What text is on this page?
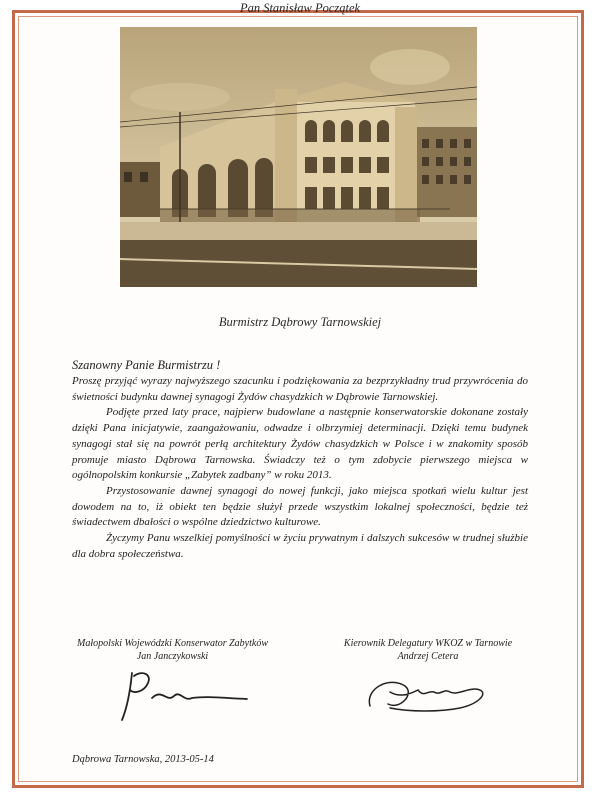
Pan Stanisław Początek
Burmistrz Dąbrowy Tarnowskiej
Szanowny Panie Burmistrzu !

Proszę przyjąć wyrazy najwyższego szacunku i podziękowania za bezprzykładny trud przywrócenia do świetności budynku dawnej synagogi Żydów chasydzkich w Dąbrowie Tarnowskiej.

Podjęte przed laty prace, najpierw budowlane a następnie konserwatorskie dokonane zostały dzięki Pana inicjatywie, zaangażowaniu, odwadze i olbrzymiej determinacji. Dzięki temu budynek synagogi stał się na powrót perłą architektury Żydów chasydzkich w Polsce i w znakomity sposób promuje miasto Dąbrowa Tarnowska. Świadczy też o tym zdobycie pierwszego miejsca w ogólnopolskim konkursie „Zabytek zadbany” w roku 2013.

Przystosowanie dawnej synagogi do nowej funkcji, jako miejsca spotkań wielu kultur jest dowodem na to, iż obiekt ten będzie służył przede wszystkim lokalnej społeczności, będzie też świadectwem dbałości o wspólne dziedzictwo kulturowe.

Życzymy Panu wszelkiej pomyślności w życiu prywatnym i dalszych sukcesów w trudnej służbie dla dobra społeczeństwa.

Małopolski Wojewódzki Konserwator Zabytków
Jan Janczykowski
Kierownik Delegatury WKOZ w Tarnowie
Andrzej Cetera
Dąbrowa Tarnowska, 2013-05-14
